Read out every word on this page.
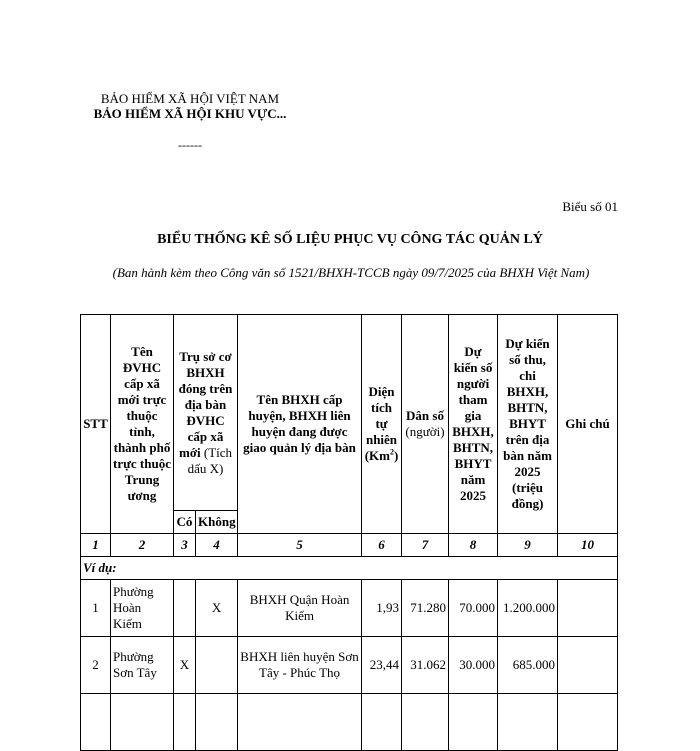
BẢO HIỂM XÃ HỘI VIỆT NAM
BẢO HIỂM XÃ HỘI KHU VỰC...
------
Biểu số 01
BIỂU THỐNG KÊ SỐ LIỆU PHỤC VỤ CÔNG TÁC QUẢN LÝ
(Ban hành kèm theo Công văn số 1521/BHXH-TCCB ngày 09/7/2025 của BHXH Việt Nam)
STT	Tên ĐVHC cấp xã mới trực thuộc tỉnh, thành phố trực thuộc Trung ương	Trụ sở cơ BHXH đóng trên địa bàn ĐVHC cấp xã mới (Tích dấu X)		Tên BHXH cấp huyện, BHXH liên huyện đang được giao quản lý địa bàn	Diện tích tự nhiên (Km$^2$)	Dân số (người)	Dự kiến số người tham gia BHXH, BHTN, BHYT năm 2025	Dự kiến số thu, chi BHXH, BHTN, BHYT trên địa bàn năm 2025 (triệu đồng)	Ghi chú
		Có	Không						
1	2	3	4	5	6	7	8	9	10
Ví dụ:									
1	Phường Hoàn Kiếm		X	BHXH Quận Hoàn Kiếm	1,93	71.280	70.000	1.200.000	
2	Phường Sơn Tây	X		BHXH liên huyện Sơn Tây - Phúc Thọ	23,44	31.062	30.000	685.000	
